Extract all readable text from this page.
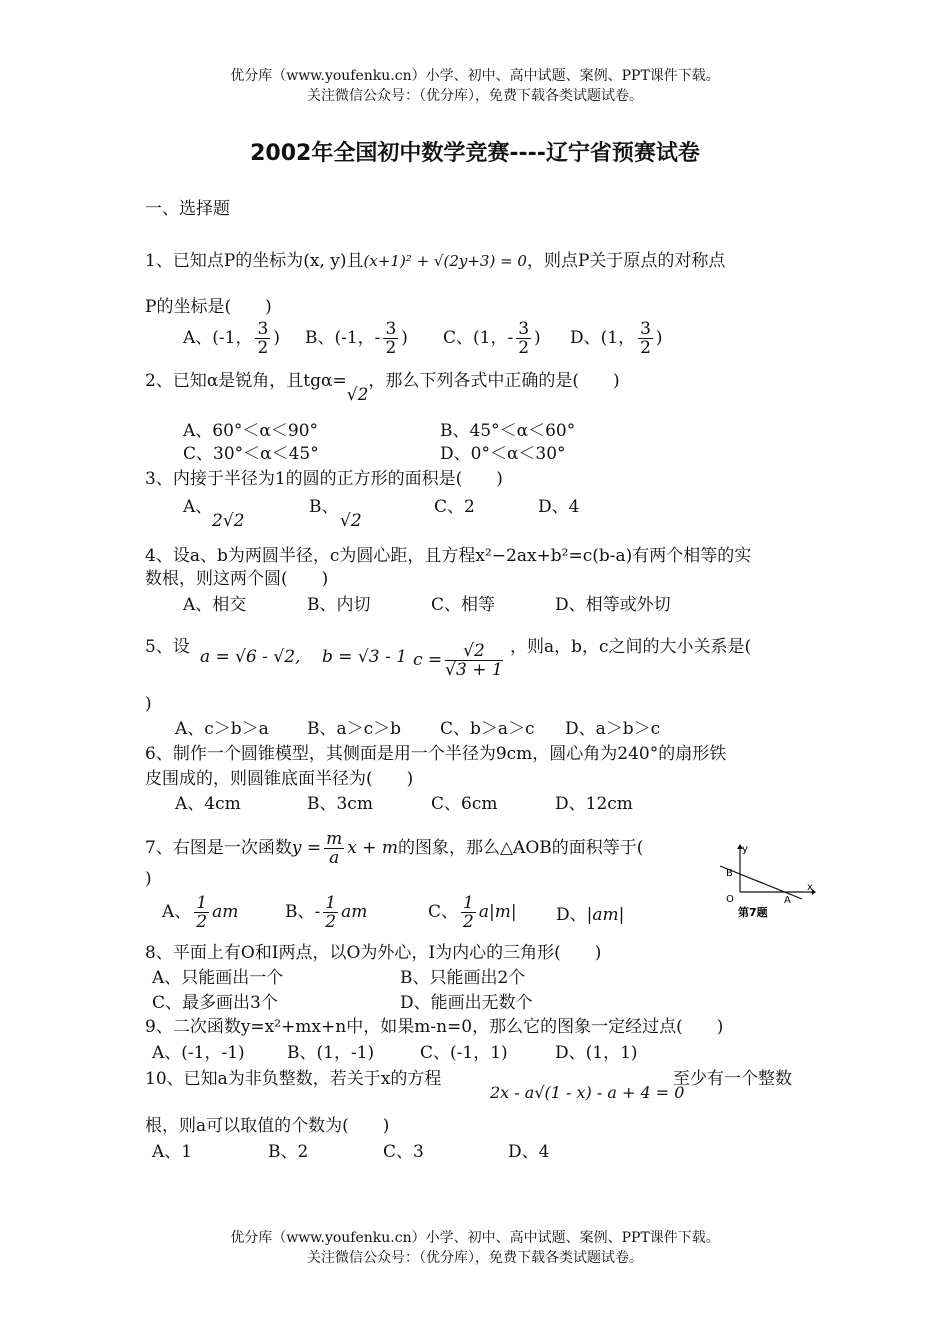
优分库（www.youfenku.cn）小学、初中、高中试题、案例、PPT课件下载。
关注微信公众号：（优分库），免费下载各类试题试卷。
2002年全国初中数学竞赛----辽宁省预赛试卷
一、选择题
1、已知点P的坐标为(x, y)且(x+1)² + √(2y+3) = 0，则点P关于原点的对称点
P的坐标是(　　)
A、(-1， $\frac{3}{2}$ ) B、(-1，- $\frac{3}{2}$ ) C、(1，- $\frac{3}{2}$ ) D、(1， $\frac{3}{2}$ )
2、已知α是锐角，且tgα=√2，那么下列各式中正确的是(　　)
A、60°＜α＜90°	B、45°＜α＜60°
C、30°＜α＜45°	D、0°＜α＜30°
3、内接于半径为1的圆的正方形的面积是(　　)
A、
2√2
B、
√2
C、2	D、4
4、设a、b为两圆半径，c为圆心距，且方程x²−2ax+b²=c(b-a)有两个相等的实
数根，则这两个圆(　　)
A、相交	B、内切	C、相等	D、相等或外切
5、设 a = √6 - √2, b = √3 - 1 $c = \frac{√2}{√3 + 1}$ ，则a，b，c之间的大小关系是(
)
A、c＞b＞a B、a＞c＞b C、b＞a＞c D、a＞b＞c
6、制作一个圆锥模型，其侧面是用一个半径为9cm，圆心角为240°的扇形铁
皮围成的，则圆锥底面半径为(　　)
A、4cm	B、3cm	C、6cm	D、12cm
7、右图是一次函数$y = \frac{m}{a}$ x + m的图象，那么△AOB的面积等于(
)
y
x
B
O	A
第7题
A、 $\frac{1}{2}$ am	B、- $\frac{1}{2}$ am	C、 $\frac{1}{2} a|m|$ D、|am|
8、平面上有O和I两点，以O为外心，I为内心的三角形(　　)
A、只能画出一个	B、只能画出2个
C、最多画出3个	D、能画出无数个
9、二次函数y=x²+mx+n中，如果m-n=0，那么它的图象一定经过点(　　)
A、(-1，-1) B、(1，-1)	C、(-1，1)	D、(1，1)
10、已知a为非负整数，若关于x的方程
2x - a√(1 - x) - a + 4 = 0
至少有一个整数
根，则a可以取值的个数为(　　)
A、1	B、2	C、3	D、4
优分库（www.youfenku.cn）小学、初中、高中试题、案例、PPT课件下载。
关注微信公众号：（优分库），免费下载各类试题试卷。
